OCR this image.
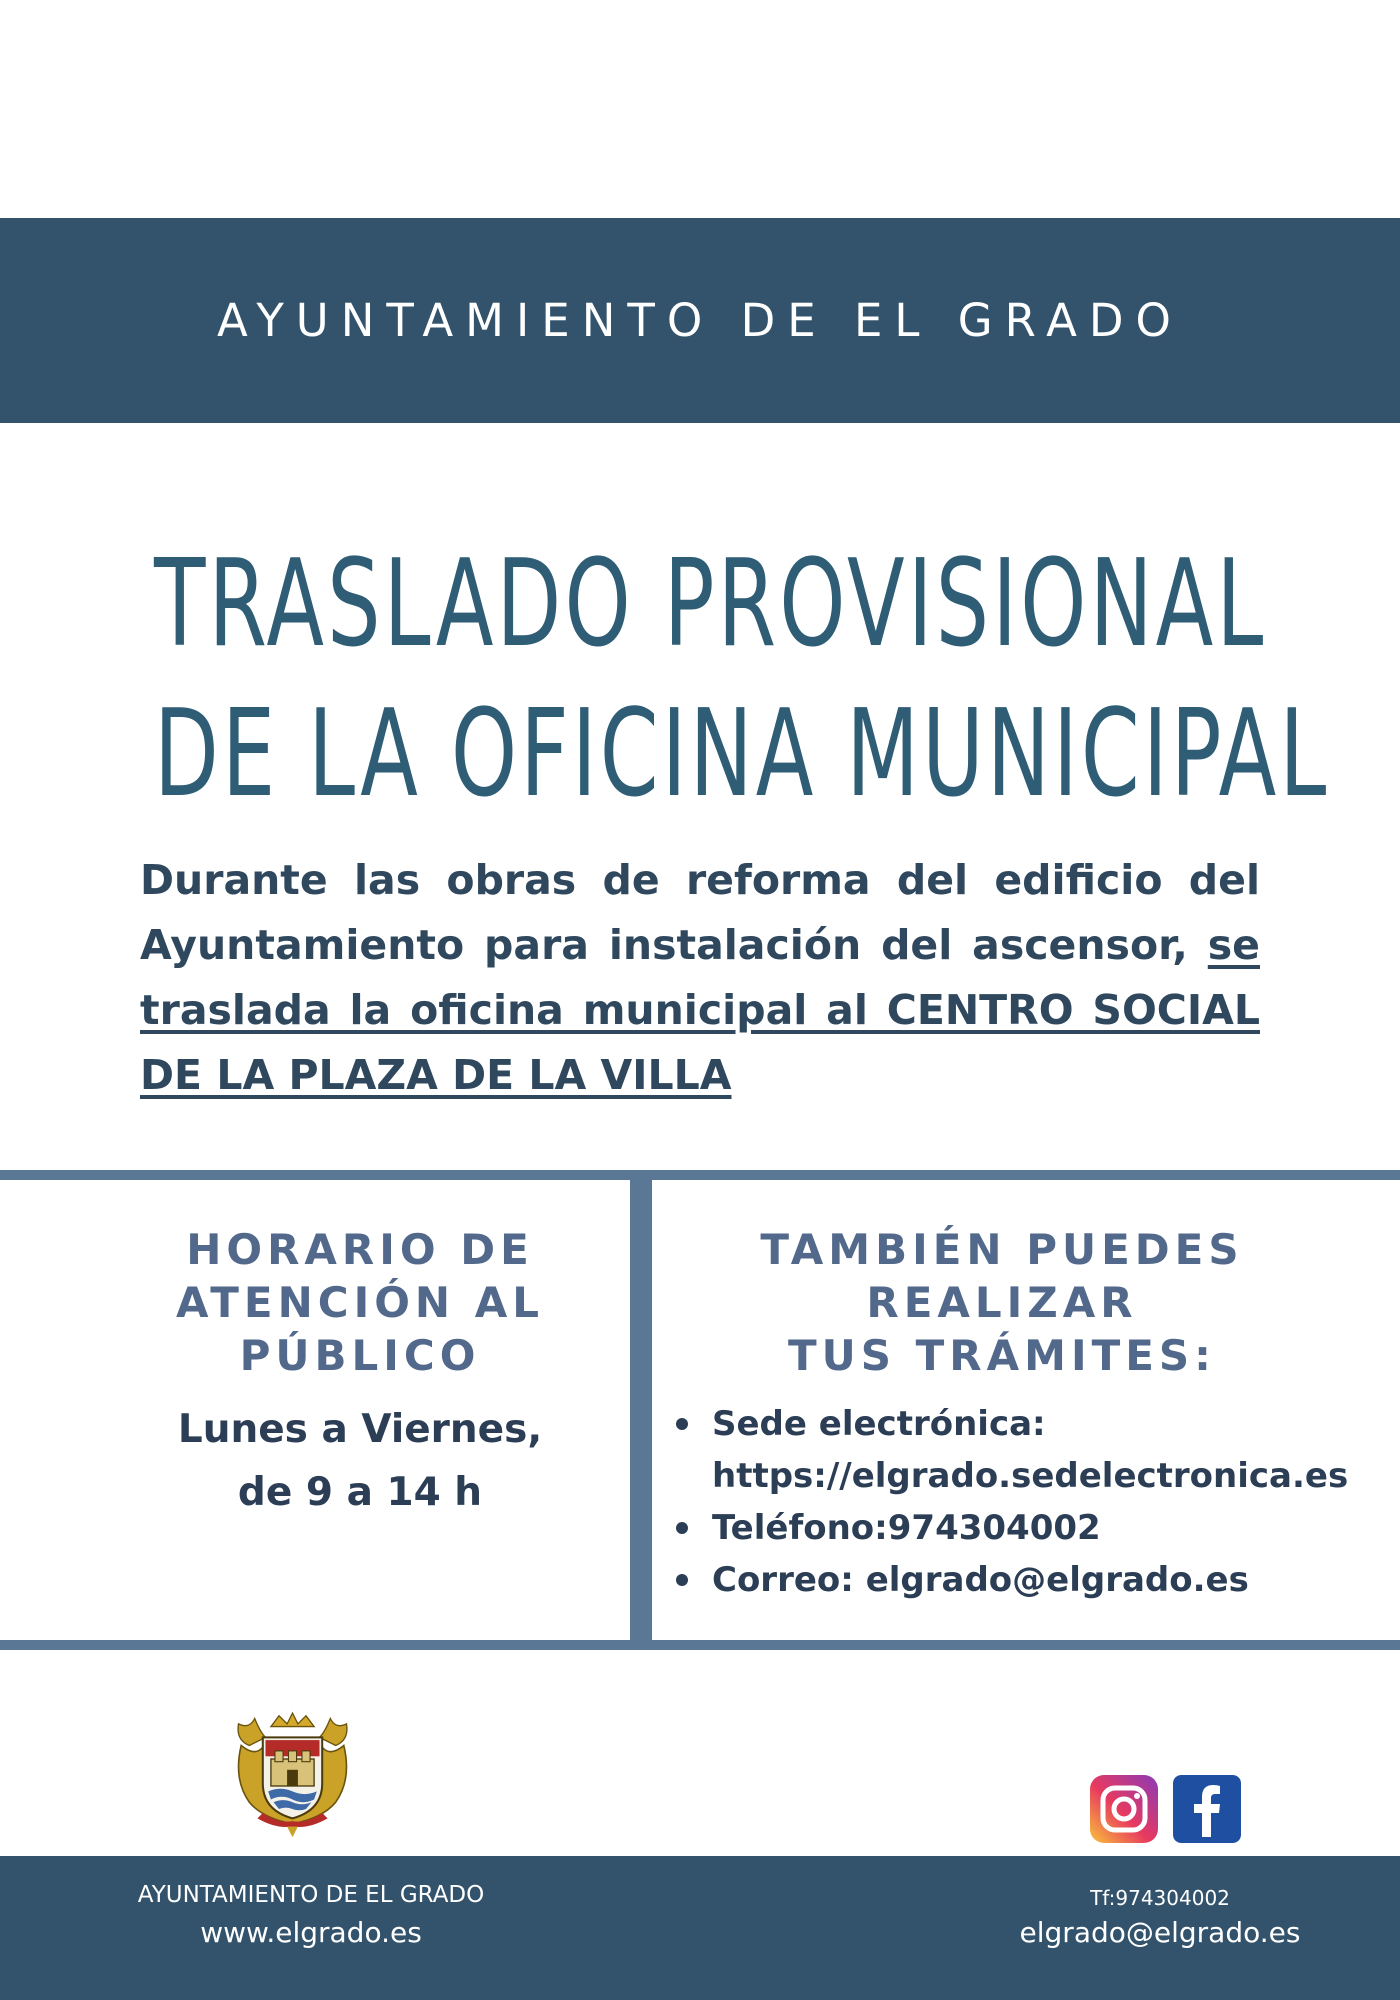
AYUNTAMIENTO DE EL GRADO
TRASLADO PROVISIONAL
DE LA OFICINA MUNICIPAL
Durante las obras de reforma del edificio del Ayuntamiento para instalación del ascensor, se traslada la oficina municipal al CENTRO SOCIAL DE LA PLAZA DE LA VILLA
HORARIO DE
ATENCIÓN AL
PÚBLICO
Lunes a Viernes,
de 9 a 14 h
TAMBIÉN PUEDES
REALIZAR
TUS TRÁMITES:
Sede electrónica:
https://elgrado.sedelectronica.es
Teléfono:974304002
Correo: elgrado@elgrado.es
AYUNTAMIENTO DE EL GRADO
www.elgrado.es
Tf:974304002
elgrado@elgrado.es
